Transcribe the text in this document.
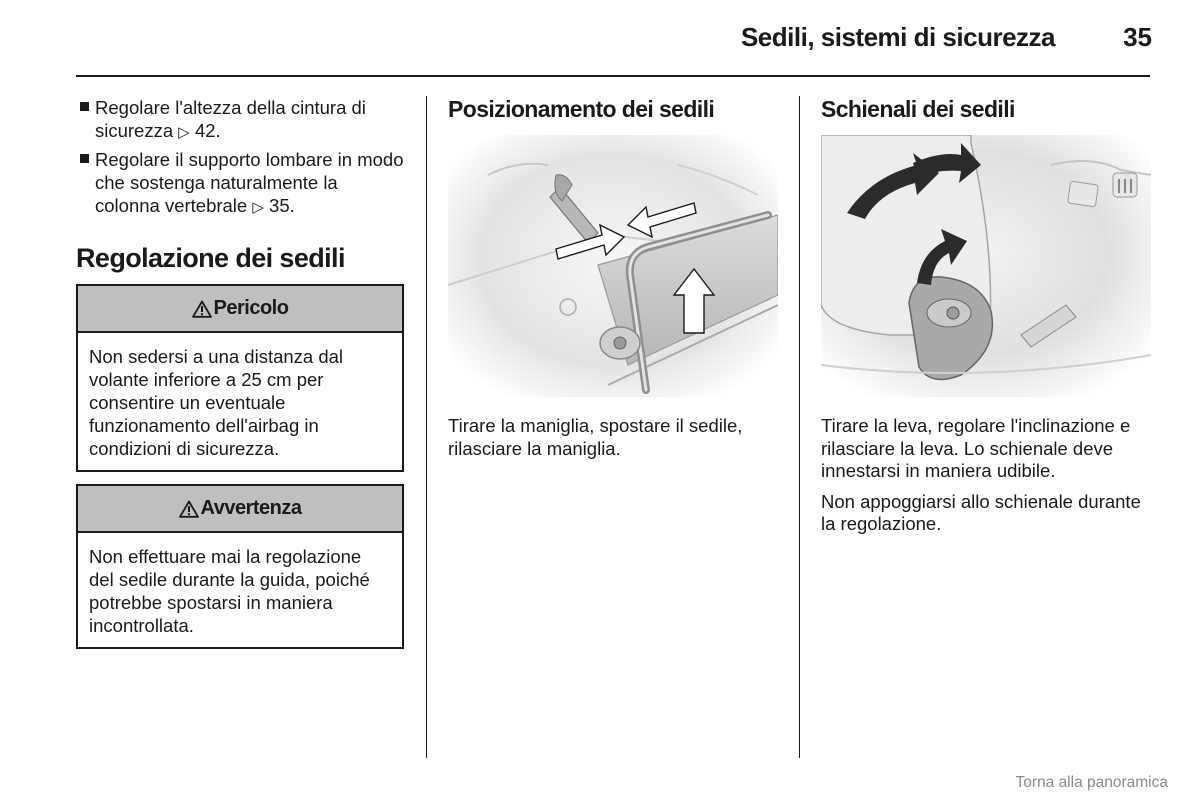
Sedili, sistemi di sicurezza	35
Regolare l'altezza della cintura di sicurezza ▷ 42.
Regolare il supporto lombare in modo che sostenga naturalmente la colonna vertebrale ▷ 35.
Regolazione dei sedili
Pericolo
Non sedersi a una distanza dal volante inferiore a 25 cm per consentire un eventuale funzionamento dell'airbag in condizioni di sicurezza.
Avvertenza
Non effettuare mai la regolazione del sedile durante la guida, poiché potrebbe spostarsi in maniera incontrollata.
Posizionamento dei sedili
Tirare la maniglia, spostare il sedile, rilasciare la maniglia.
Schienali dei sedili
Tirare la leva, regolare l'inclinazione e rilasciare la leva. Lo schienale deve innestarsi in maniera udibile.
Non appoggiarsi allo schienale durante la regolazione.
Torna alla panoramica
